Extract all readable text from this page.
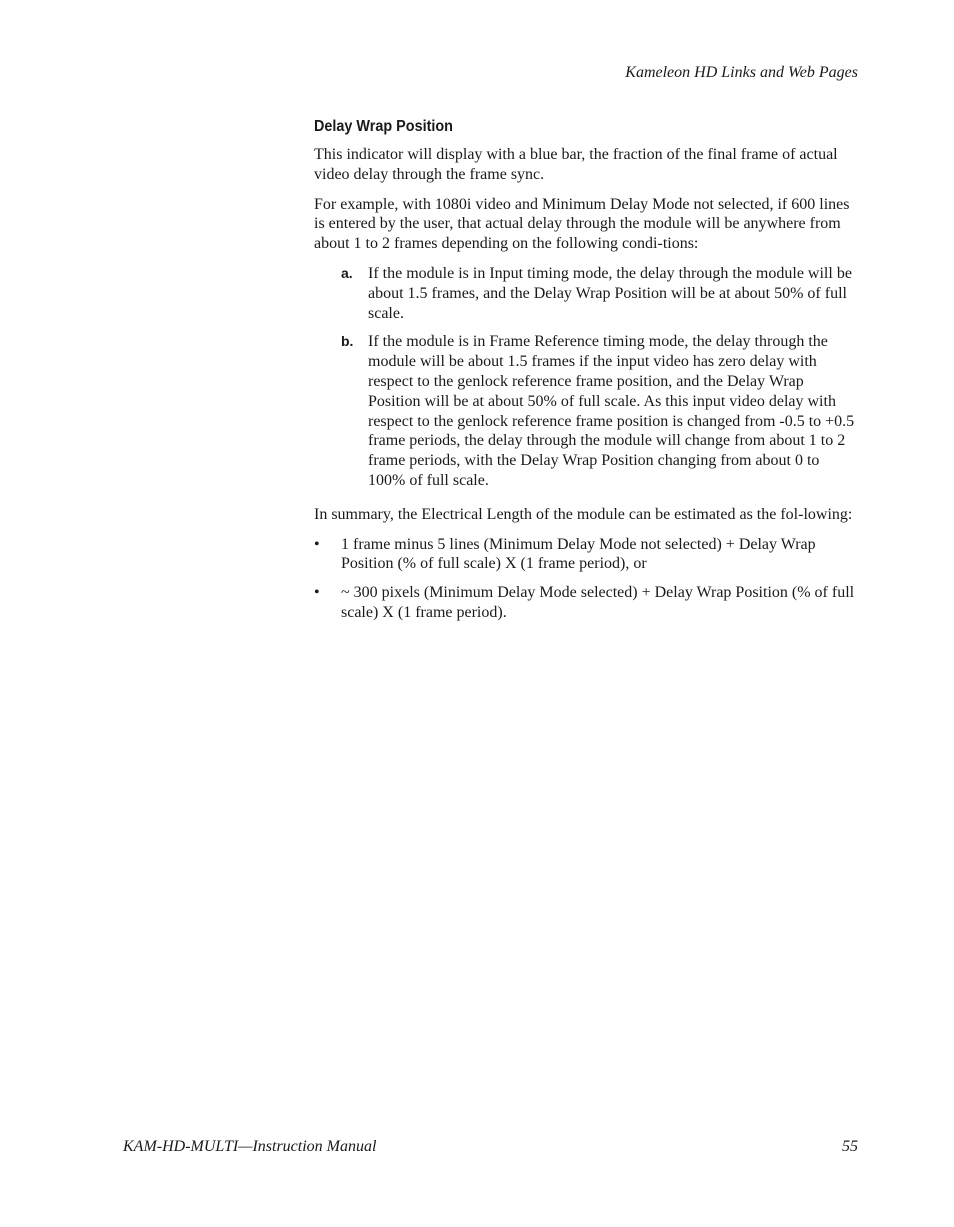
Kameleon HD Links and Web Pages
Delay Wrap Position

This indicator will display with a blue bar, the fraction of the final frame of actual video delay through the frame sync.

For example, with 1080i video and Minimum Delay Mode not selected, if 600 lines is entered by the user, that actual delay through the module will be anywhere from about 1 to 2 frames depending on the following condi-tions:

a. If the module is in Input timing mode, the delay through the module will be about 1.5 frames, and the Delay Wrap Position will be at about 50% of full scale.
b. If the module is in Frame Reference timing mode, the delay through the module will be about 1.5 frames if the input video has zero delay with respect to the genlock reference frame position, and the Delay Wrap Position will be at about 50% of full scale. As this input video delay with respect to the genlock reference frame position is changed from -0.5 to +0.5 frame periods, the delay through the module will change from about 1 to 2 frame periods, with the Delay Wrap Position changing from about 0 to 100% of full scale.

In summary, the Electrical Length of the module can be estimated as the fol-lowing:

• 1 frame minus 5 lines (Minimum Delay Mode not selected) + Delay Wrap Position (% of full scale) X (1 frame period), or
• ~ 300 pixels (Minimum Delay Mode selected) + Delay Wrap Position (% of full scale) X (1 frame period).
KAM-HD-MULTI—Instruction Manual	55
